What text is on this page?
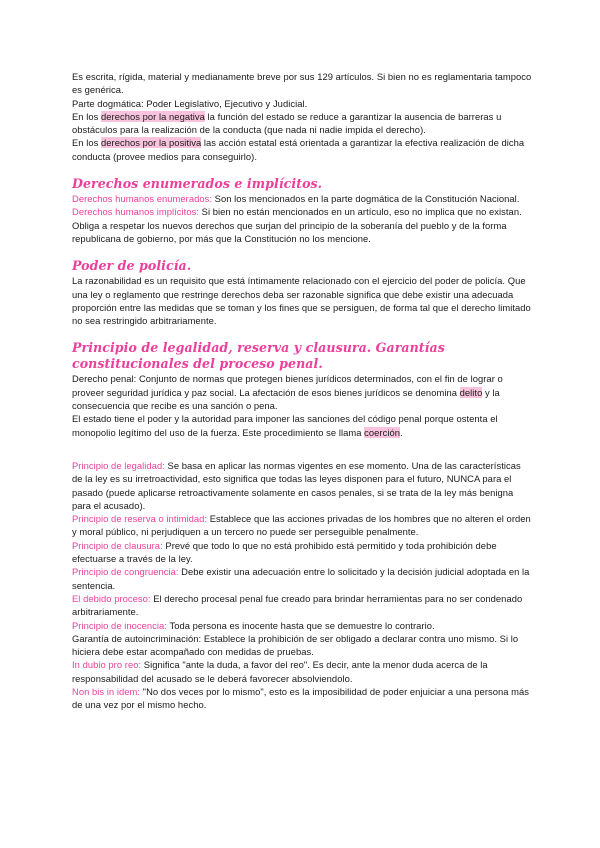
Es escrita, rígida, material y medianamente breve por sus 129 artículos. Si bien no es reglamentaria tampoco es genérica.

Parte dogmática: Poder Legislativo, Ejecutivo y Judicial.

En los derechos por la negativa la función del estado se reduce a garantizar la ausencia de barreras u obstáculos para la realización de la conducta (que nada ni nadie impida el derecho).

En los derechos por la positiva las acción estatal está orientada a garantizar la efectiva realización de dicha conducta (provee medios para conseguirlo).

Derechos enumerados e implícitos.

Derechos humanos enumerados: Son los mencionados en la parte dogmática de la Constitución Nacional.

Derechos humanos implícitos: Si bien no están mencionados en un artículo, eso no implica que no existan. Obliga a respetar los nuevos derechos que surjan del principio de la soberanía del pueblo y de la forma republicana de gobierno, por más que la Constitución no los mencione.

Poder de policía.

La razonabilidad es un requisito que está íntimamente relacionado con el ejercicio del poder de policía. Que una ley o reglamento que restringe derechos deba ser razonable significa que debe existir una adecuada proporción entre las medidas que se toman y los fines que se persiguen, de forma tal que el derecho limitado no sea restringido arbitrariamente.

Principio de legalidad, reserva y clausura. Garantías constitucionales del proceso penal.

Derecho penal: Conjunto de normas que protegen bienes jurídicos determinados, con el fin de lograr o proveer seguridad jurídica y paz social. La afectación de esos bienes jurídicos se denomina delito y la consecuencia que recibe es una sanción o pena.

El estado tiene el poder y la autoridad para imponer las sanciones del código penal porque ostenta el monopolio legítimo del uso de la fuerza. Este procedimiento se llama coerción.

Principio de legalidad: Se basa en aplicar las normas vigentes en ese momento. Una de las características de la ley es su irretroactividad, esto significa que todas las leyes disponen para el futuro, NUNCA para el pasado (puede aplicarse retroactivamente solamente en casos penales, si se trata de la ley más benigna para el acusado).

Principio de reserva o intimidad: Establece que las acciones privadas de los hombres que no alteren el orden y moral público, ni perjudiquen a un tercero no puede ser perseguible penalmente.

Principio de clausura: Prevé que todo lo que no está prohibido está permitido y toda prohibición debe efectuarse a través de la ley.

Principio de congruencia: Debe existir una adecuación entre lo solicitado y la decisión judicial adoptada en la sentencia.

El debido proceso: El derecho procesal penal fue creado para brindar herramientas para no ser condenado arbitrariamente.

Principio de inocencia: Toda persona es inocente hasta que se demuestre lo contrario.

Garantía de autoincriminación: Establece la prohibición de ser obligado a declarar contra uno mismo. Si lo hiciera debe estar acompañado con medidas de pruebas.

In dubio pro reo: Significa "ante la duda, a favor del reo". Es decir, ante la menor duda acerca de la responsabilidad del acusado se le deberá favorecer absolviendolo.

Non bis in idem: "No dos veces por lo mismo", esto es la imposibilidad de poder enjuiciar a una persona más de una vez por el mismo hecho.
